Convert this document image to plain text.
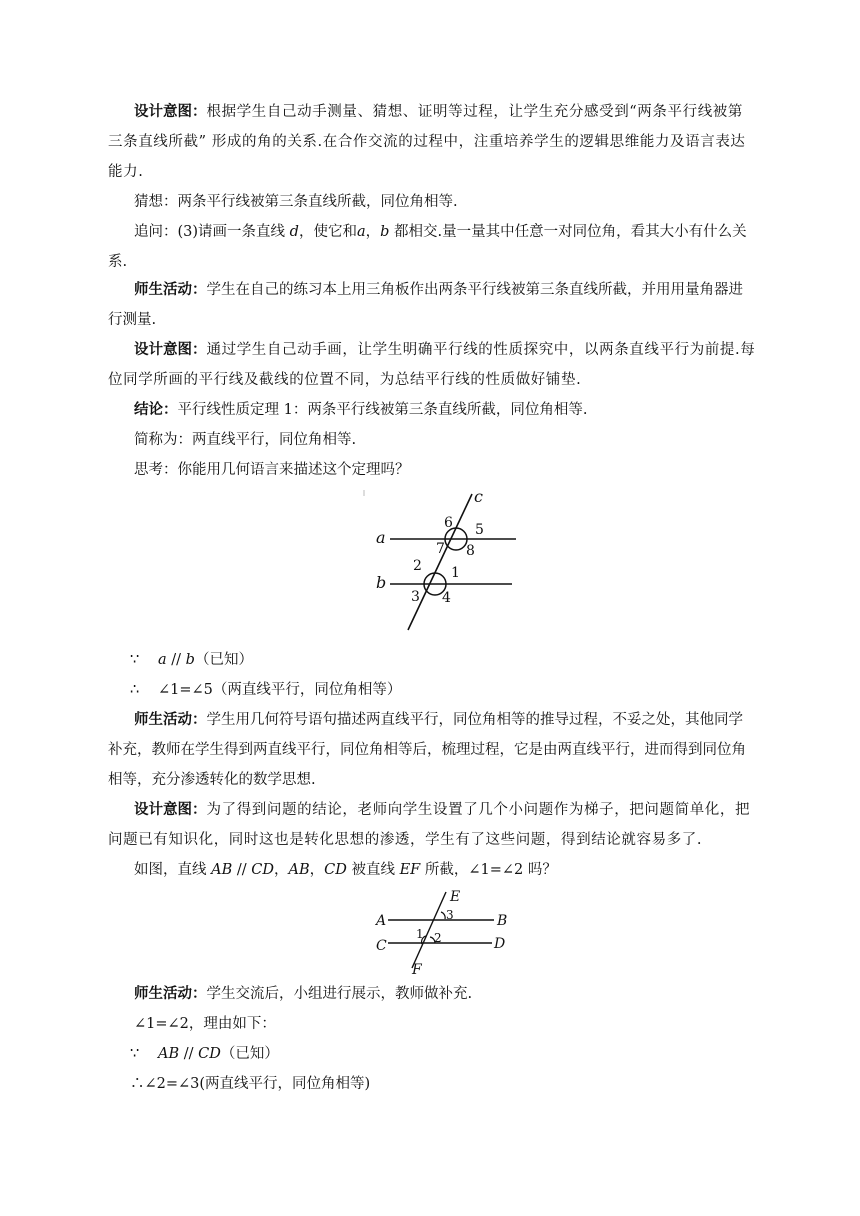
设计意图：根据学生自己动手测量、猜想、证明等过程，让学生充分感受到“两条平行线被第三条直线所截” 形成的角的关系.在合作交流的过程中，注重培养学生的逻辑思维能力及语言表达能力.

猜想：两条平行线被第三条直线所截，同位角相等.

追问：(3)请画一条直线 d，使它和a，b 都相交.量一量其中任意一对同位角，看其大小有什么关系.

师生活动：学生在自己的练习本上用三角板作出两条平行线被第三条直线所截，并用用量角器进行测量.

设计意图：通过学生自己动手画，让学生明确平行线的性质探究中，以两条直线平行为前提.每位同学所画的平行线及截线的位置不同，为总结平行线的性质做好铺垫.

结论：平行线性质定理 1：两条平行线被第三条直线所截，同位角相等.

简称为：两直线平行，同位角相等.

思考：你能用几何语言来描述这个定理吗？

a
b
c
6 5
7 8
2 1
3 4

∵ a // b（已知）

∴ ∠1=∠5（两直线平行，同位角相等）

师生活动：学生用几何符号语句描述两直线平行，同位角相等的推导过程，不妥之处，其他同学补充，教师在学生得到两直线平行，同位角相等后，梳理过程，它是由两直线平行，进而得到同位角相等，充分渗透转化的数学思想.

设计意图：为了得到问题的结论，老师向学生设置了几个小问题作为梯子，把问题简单化，把问题已有知识化，同时这也是转化思想的渗透，学生有了这些问题，得到结论就容易多了.

如图，直线 AB // CD，AB，CD 被直线 EF 所截，∠1=∠2 吗？

A	B
C	D
E
F
3
1 2

师生活动：学生交流后，小组进行展示，教师做补充.

∠1=∠2，理由如下：

∵ AB // CD（已知）

∴∠2=∠3(两直线平行，同位角相等)
